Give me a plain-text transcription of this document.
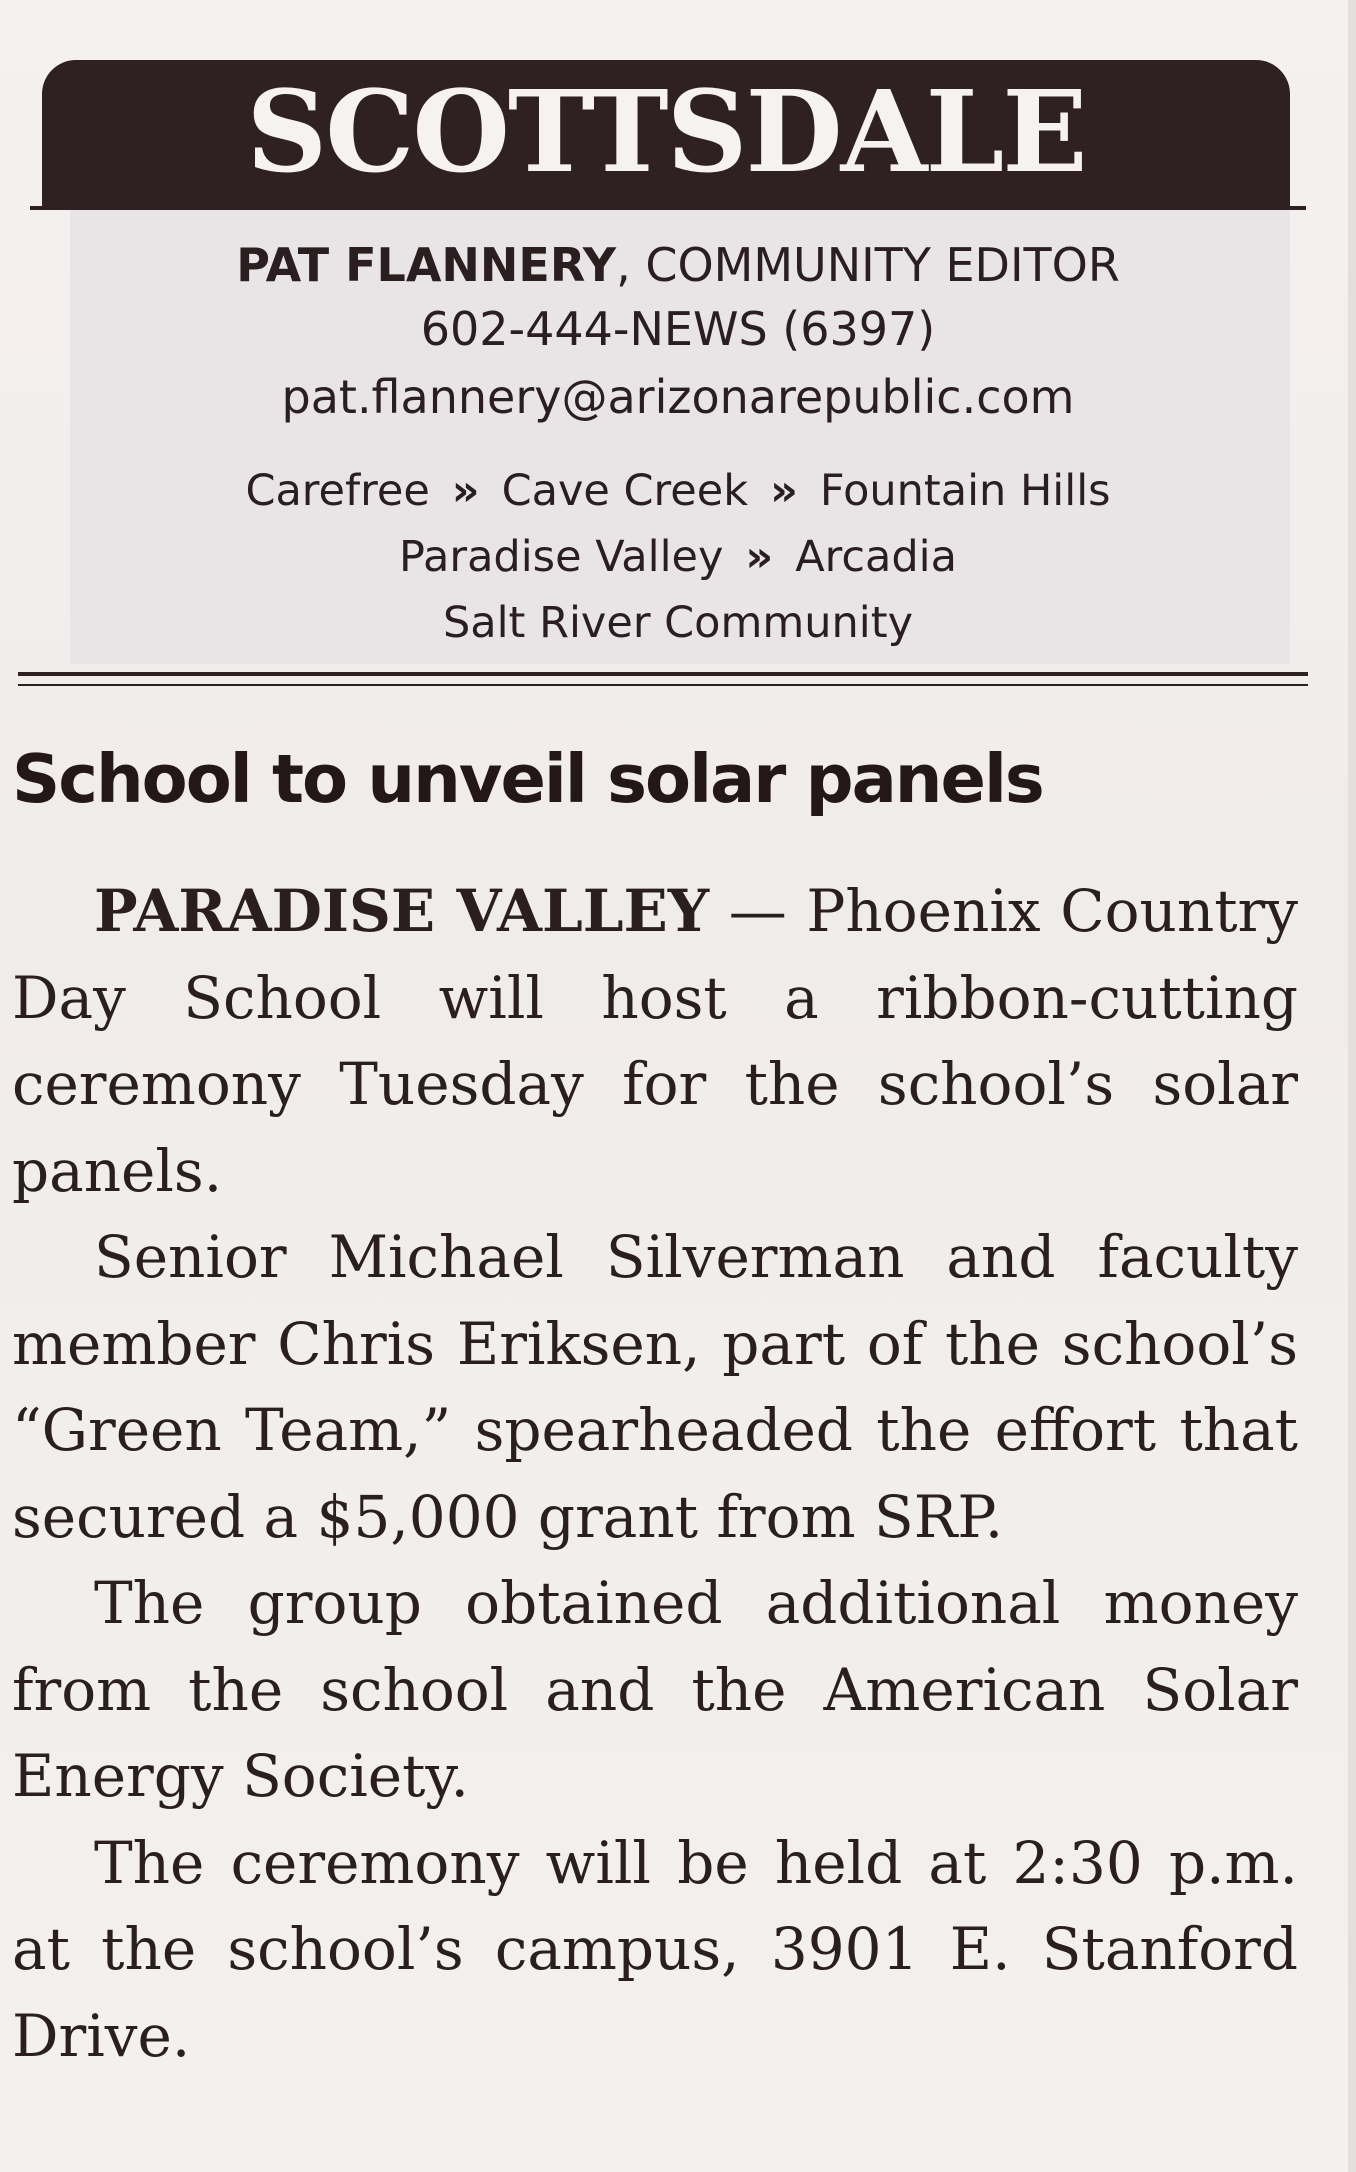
SCOTTSDALE
PAT FLANNERY, COMMUNITY EDITOR
602-444-NEWS (6397)
pat.flannery@arizonarepublic.com
Carefree » Cave Creek » Fountain Hills
Paradise Valley » Arcadia
Salt River Community
School to unveil solar panels

PARADISE VALLEY — Phoenix Country Day School will host a ribbon-cutting ceremony Tuesday for the school’s solar panels.

Senior Michael Silverman and faculty member Chris Eriksen, part of the school’s “Green Team,” spearheaded the effort that secured a $5,000 grant from SRP.

The group obtained additional money from the school and the American Solar Energy Society.

The ceremony will be held at 2:30 p.m. at the school’s campus, 3901 E. Stanford Drive.
